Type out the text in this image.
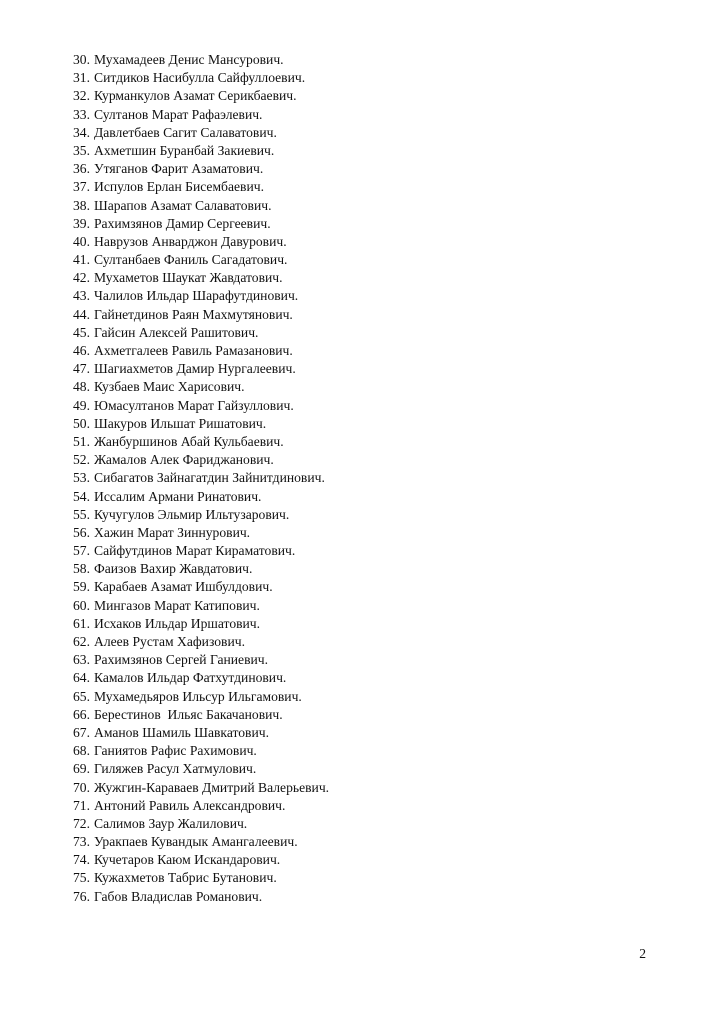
30. Мухамадеев Денис Мансурович.
31. Ситдиков Насибулла Сайфуллоевич.
32. Курманкулов Азамат Серикбаевич.
33. Султанов Марат Рафаэлевич.
34. Давлетбаев Сагит Салаватович.
35. Ахметшин Буранбай Закиевич.
36. Утяганов Фарит Азаматович.
37. Испулов Ерлан Бисембаевич.
38. Шарапов Азамат Салаватович.
39. Рахимзянов Дамир Сергеевич.
40. Наврузов Анварджон Давурович.
41. Султанбаев Фаниль Сагадатович.
42. Мухаметов Шаукат Жавдатович.
43. Чалилов Ильдар Шарафутдинович.
44. Гайнетдинов Раян Махмутянович.
45. Гайсин Алексей Рашитович.
46. Ахметгалеев Равиль Рамазанович.
47. Шагиахметов Дамир Нургалеевич.
48. Кузбаев Маис Харисович.
49. Юмасултанов Марат Гайзуллович.
50. Шакуров Ильшат Ришатович.
51. Жанбуршинов Абай Кульбаевич.
52. Жамалов Алек Фариджанович.
53. Сибагатов Зайнагатдин Зайнитдинович.
54. Иссалим Армани Ринатович.
55. Кучугулов Эльмир Ильтузарович.
56. Хажин Марат Зиннурович.
57. Сайфутдинов Марат Кираматович.
58. Фаизов Вахир Жавдатович.
59. Карабаев Азамат Ишбулдович.
60. Мингазов Марат Катипович.
61. Исхаков Ильдар Иршатович.
62. Алеев Рустам Хафизович.
63. Рахимзянов Сергей Ганиевич.
64. Камалов Ильдар Фатхутдинович.
65. Мухамедьяров Ильсур Ильгамович.
66. Берестинов  Ильяс Бакачанович.
67. Аманов Шамиль Шавкатович.
68. Ганиятов Рафис Рахимович.
69. Гиляжев Расул Хатмулович.
70. Жужгин-Караваев Дмитрий Валерьевич.
71. Антоний Равиль Александрович.
72. Салимов Заур Жалилович.
73. Уракпаев Кувандык Амангалеевич.
74. Кучетаров Каюм Искандарович.
75. Кужахметов Табрис Бутанович.
76. Габов Владислав Романович.
2
